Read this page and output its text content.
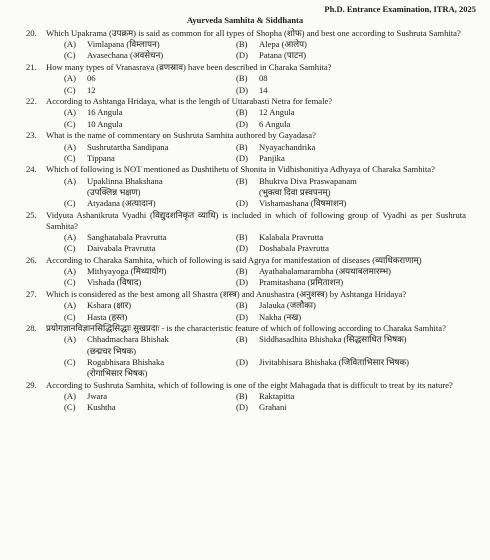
Ph.D. Entrance Examination, ITRA, 2025
Ayurveda Samhita & Siddhanta
20. Which Upakrama (उपक्रम) is said as common for all types of Shopha (शोफ) and best one according to Sushruta Samhita?
(A)	Vimlapana (विम्लापन)	(B)	Alepa (आलेप)
(C)	Avasechana (अवसेचन)	(D)	Patana (पाटन)
21. How many types of Vranasrava (व्रणस्राव) have been described in Charaka Samhita?
(A)	06	(B)	08
(C)	12	(D)	14
22. According to Ashtanga Hridaya, what is the length of Uttarabasti Netra for female?
(A)	16 Angula	(B)	12 Angula
(C)	10 Angula	(D)	6 Angula
23. What is the name of commentary on Sushruta Samhita authored by Gayadasa?
(A)	Sushrutartha Sandipana	(B)	Nyayachandrika
(C)	Tippana	(D)	Panjika
24. Which of following is NOT mentioned as Dushtihetu of Shonita in Vidhishonitiya Adhyaya of Charaka Samhita?
(A)	Upaklinna Bhakshana
(उपक्लिन्न भक्षण)
(B)	Bhuktva Diva Praswapanam
(भुक्त्वा दिवा प्रस्वपनम्)
(C)	Atyadana (अत्यादान)	(D)	Vishamashana (विषमाशन)
25. Vidyuta Ashanikruta Vyadhi (विद्युदशनिकृत व्याधि) is included in which of following group of Vyadhi as per Sushruta Samhita?
(A)	Sanghatabala Pravrutta	(B)	Kalabala Pravrutta
(C)	Daivabala Pravrutta	(D)	Doshabala Pravrutta
26. According to Charaka Samhita, which of following is said Agrya for manifestation of diseases (व्याधिकराणाम्)
(A)	Mithyayoga (मिथ्यायोग)	(B)	Ayathabalamarambha (अयथाबलमारम्भ)
(C)	Vishada (विषाद)	(D)	Pramitashana (प्रमिताशन)
27. Which is considered as the best among all Shastra (शस्त्र) and Anushastra (अनुशस्त्र) by Ashtanga Hridaya?
(A)	Kshara (क्षार)	(B)	Jalauka (जलौका)
(C)	Hasta (हस्त)	(D)	Nakha (नख)
28. प्रयोगज्ञानविज्ञानसिद्धिसिद्धाः सुखप्रदाः - is the characteristic feature of which of following according to Charaka Samhita?
(A)	Chhadmachara Bhishak
(छद्मचर भिषक)
(B)	Siddhasadhita Bhishaka (सिद्धसाधित भिषक)
(C)	Rogabhisara Bhishaka
(रोगाभिसार भिषक)
(D)	Jivitabhisara Bhishaka (जिविताभिसार भिषक)
29. According to Sushruta Samhita, which of following is one of the eight Mahagada that is difficult to treat by its nature?
(A)	Jwara	(B)	Raktapitta
(C)	Kushtha	(D)	Grahani
